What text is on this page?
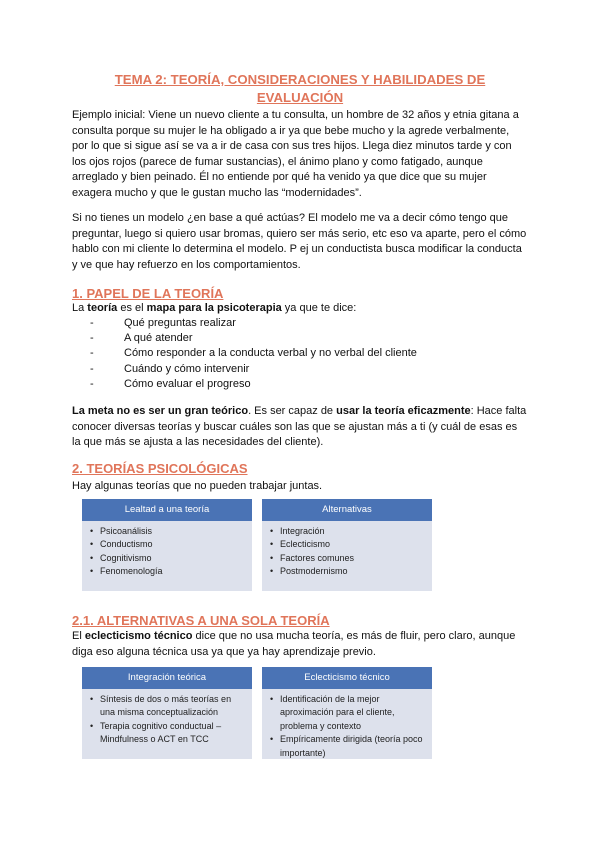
TEMA 2: TEORÍA, CONSIDERACIONES Y HABILIDADES DE EVALUACIÓN
Ejemplo inicial: Viene un nuevo cliente a tu consulta, un hombre de 32 años y etnia gitana a consulta porque su mujer le ha obligado a ir ya que bebe mucho y la agrede verbalmente, por lo que si sigue así se va a ir de casa con sus tres hijos. Llega diez minutos tarde y con los ojos rojos (parece de fumar sustancias), el ánimo plano y como fatigado, aunque arreglado y bien peinado. Él no entiende por qué ha venido ya que dice que su mujer exagera mucho y que le gustan mucho las “modernidades”.
Si no tienes un modelo ¿en base a qué actúas? El modelo me va a decir cómo tengo que preguntar, luego si quiero usar bromas, quiero ser más serio, etc eso va aparte, pero el cómo hablo con mi cliente lo determina el modelo. P ej un conductista busca modificar la conducta y ve que hay refuerzo en los comportamientos.
1. PAPEL DE LA TEORÍA
La teoría es el mapa para la psicoterapia ya que te dice:
- Qué preguntas realizar
- A qué atender
- Cómo responder a la conducta verbal y no verbal del cliente
- Cuándo y cómo intervenir
- Cómo evaluar el progreso
La meta no es ser un gran teórico. Es ser capaz de usar la teoría eficazmente: Hace falta conocer diversas teorías y buscar cuáles son las que se ajustan más a ti (y cuál de esas es la que más se ajusta a las necesidades del cliente).
2. TEORÍAS PSICOLÓGICAS
Hay algunas teorías que no pueden trabajar juntas.
Lealtad a una teoría
• Psicoanálisis
• Conductismo
• Cognitivismo
• Fenomenología
Alternativas
• Integración
• Eclecticismo
• Factores comunes
• Postmodernismo
2.1. ALTERNATIVAS A UNA SOLA TEORÍA
El eclecticismo técnico dice que no usa mucha teoría, es más de fluir, pero claro, aunque diga eso alguna técnica usa ya que ya hay aprendizaje previo.
Integración teórica
• Síntesis de dos o más teorías en una misma conceptualización
• Terapia cognitivo conductual – Mindfulness o ACT en TCC
Eclecticismo técnico
• Identificación de la mejor aproximación para el cliente, problema y contexto
• Empíricamente dirigida (teoría poco importante)
